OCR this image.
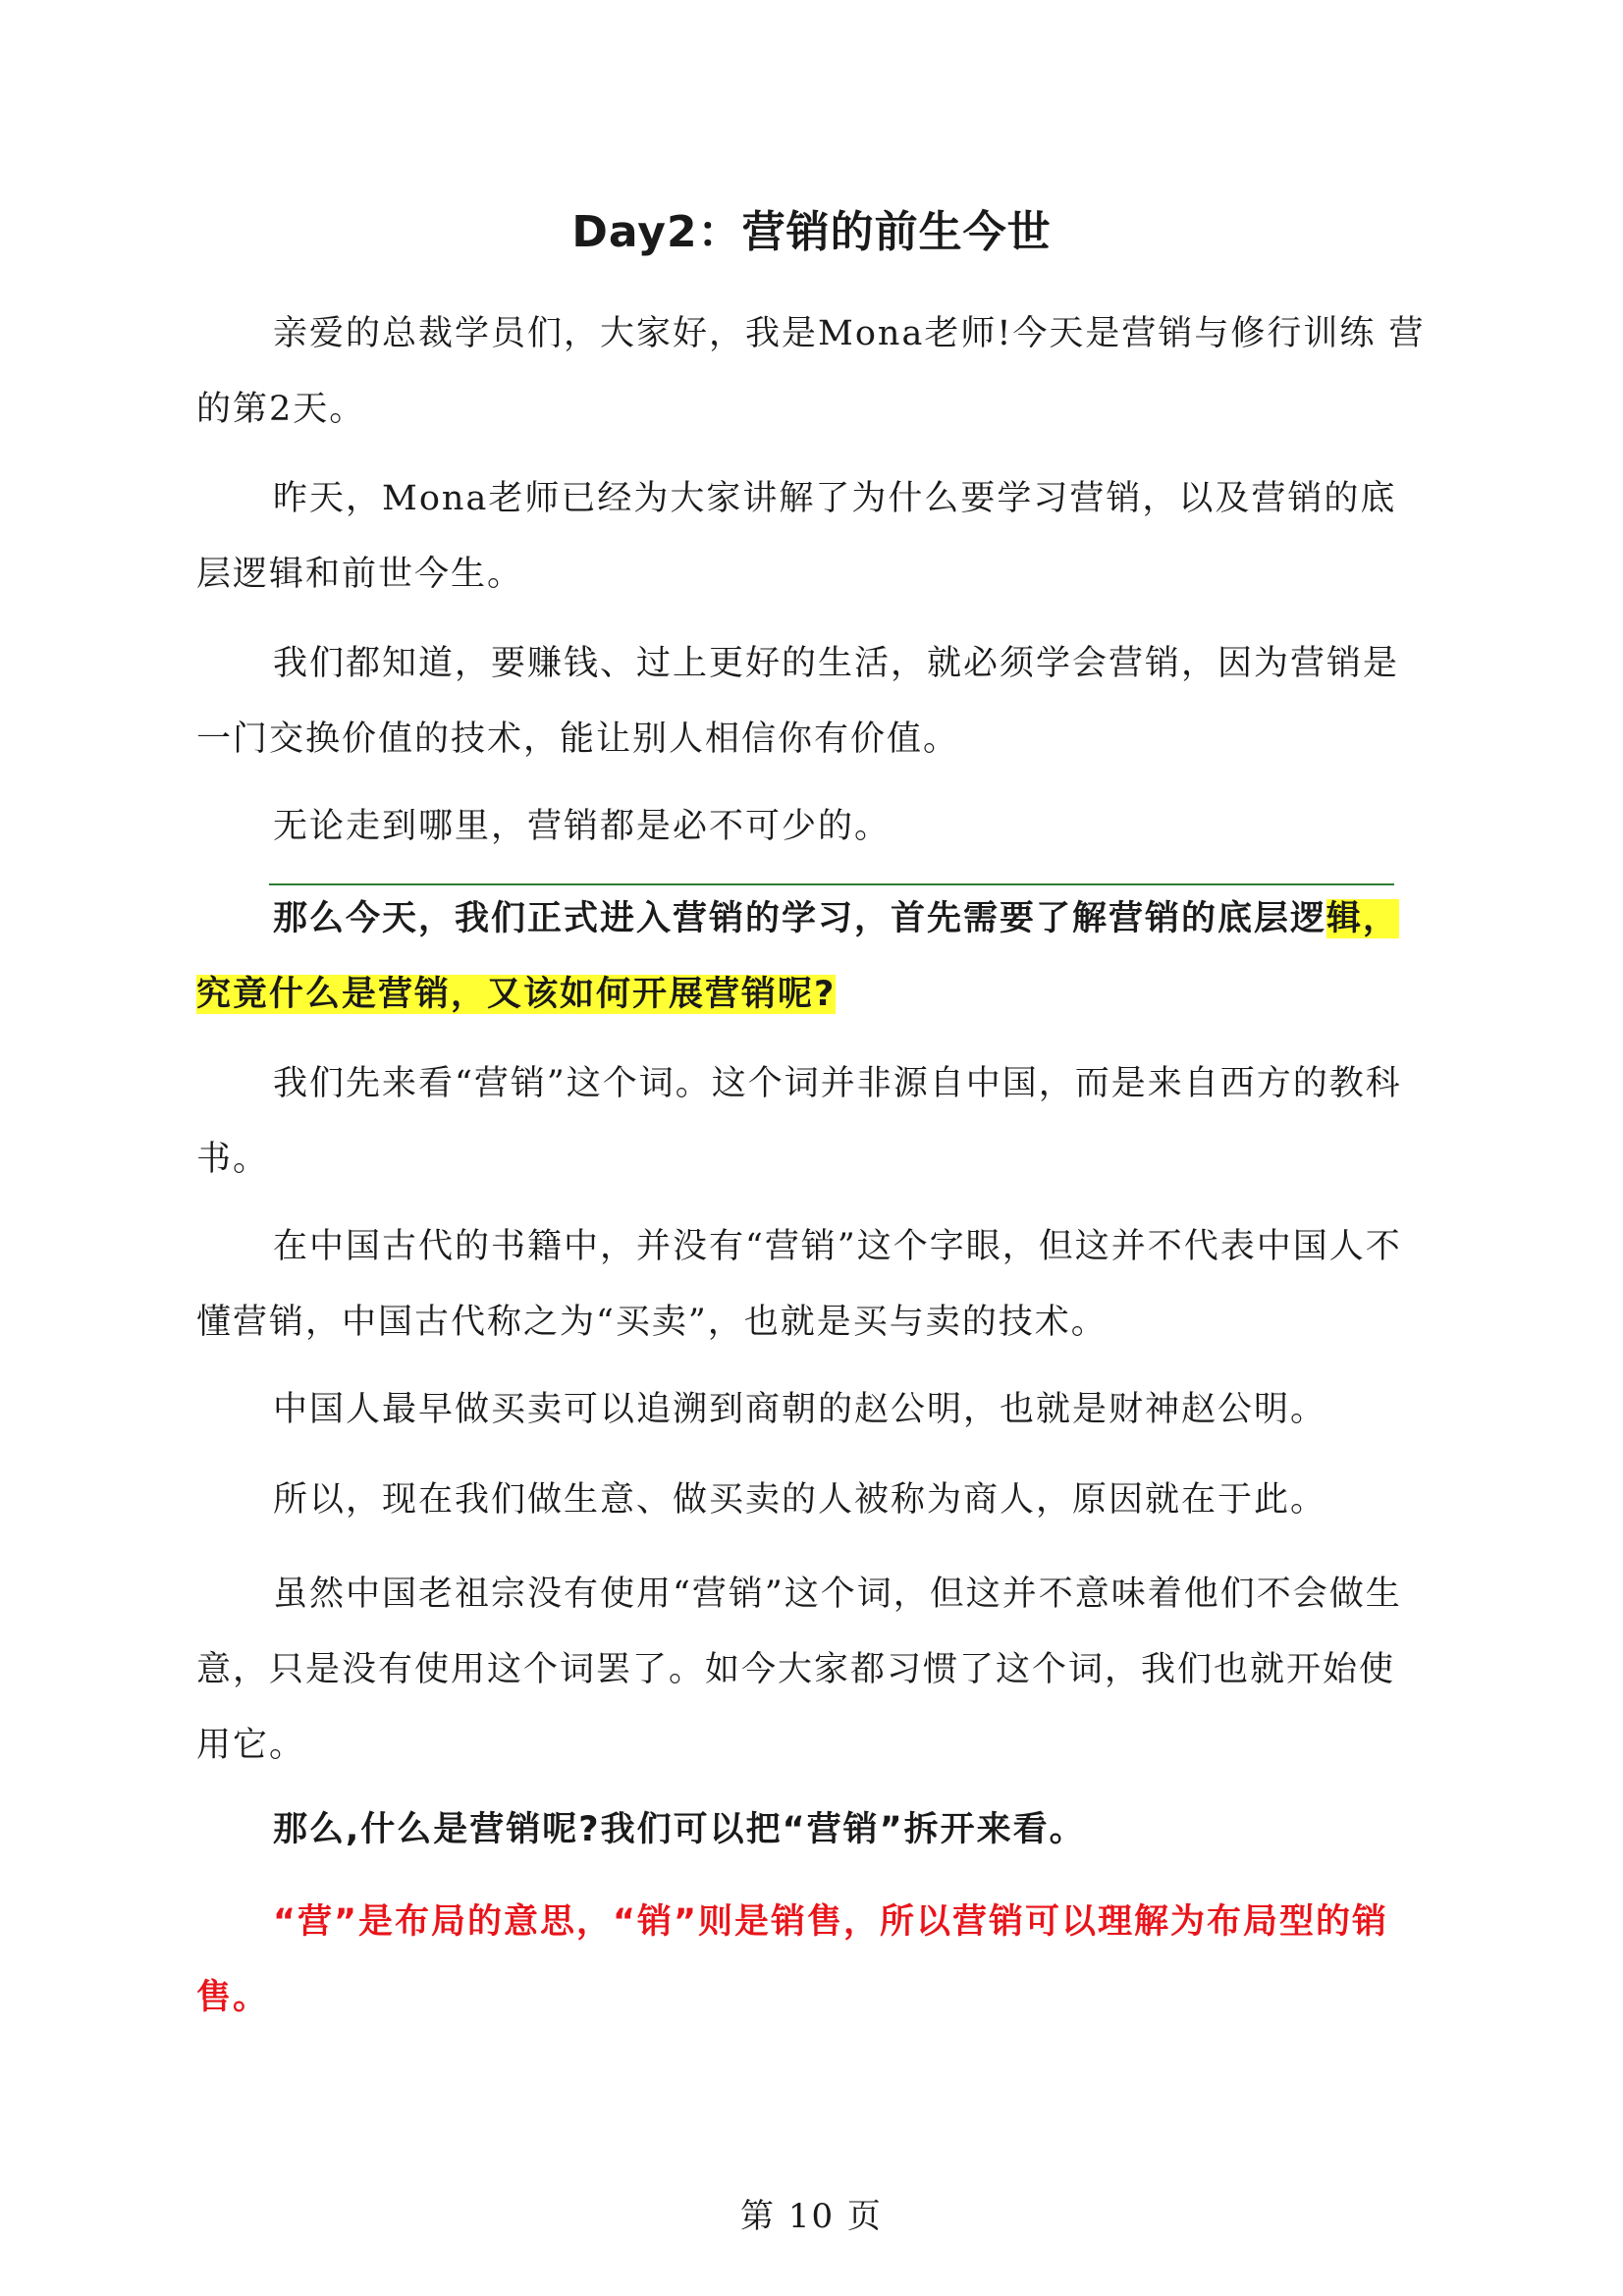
Day2：营销的前生今世

亲爱的总裁学员们，大家好，我是Mona老师!今天是营销与修行训练 营的第2天。

昨天，Mona老师已经为大家讲解了为什么要学习营销，以及营销的底层逻辑和前世今生。

我们都知道，要赚钱、过上更好的生活，就必须学会营销，因为营销是一门交换价值的技术，能让别人相信你有价值。

无论走到哪里，营销都是必不可少的。

那么今天，我们正式进入营销的学习，首先需要了解营销的底层逻辑，究竟什么是营销，又该如何开展营销呢?

我们先来看“营销”这个词。这个词并非源自中国，而是来自西方的教科书。

在中国古代的书籍中，并没有“营销”这个字眼，但这并不代表中国人不懂营销，中国古代称之为“买卖”，也就是买与卖的技术。

中国人最早做买卖可以追溯到商朝的赵公明，也就是财神赵公明。

所以，现在我们做生意、做买卖的人被称为商人，原因就在于此。

虽然中国老祖宗没有使用“营销”这个词，但这并不意味着他们不会做生意，只是没有使用这个词罢了。如今大家都习惯了这个词，我们也就开始使用它。

那么,什么是营销呢?我们可以把“营销”拆开来看。

“营”是布局的意思，“销”则是销售，所以营销可以理解为布局型的销售。

第 10 页
